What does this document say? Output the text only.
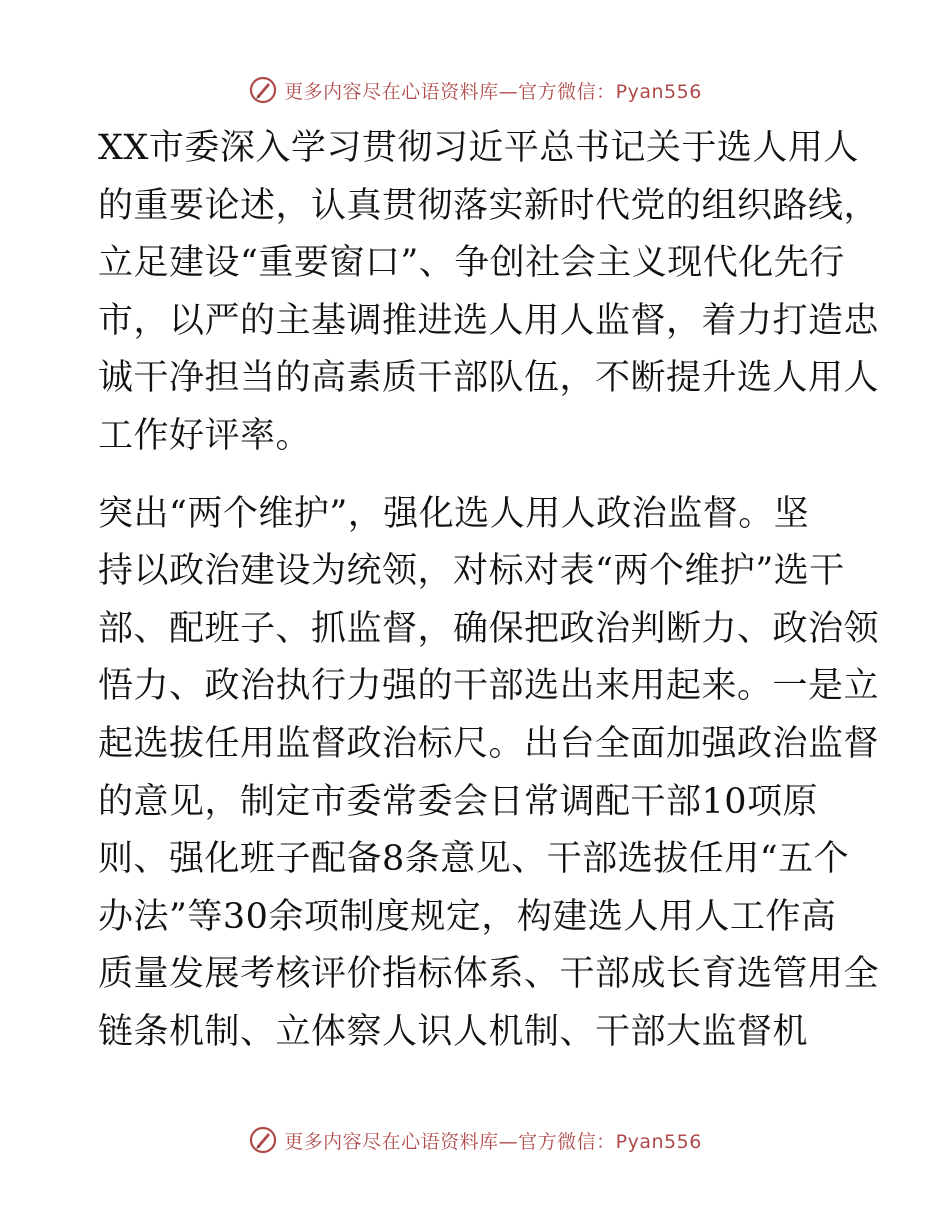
更多内容尽在心语资料库—官方微信：Pyan556

XX市委深入学习贯彻习近平总书记关于选人用人
的重要论述，认真贯彻落实新时代党的组织路线，
立足建设“重要窗口”、争创社会主义现代化先行
市，以严的主基调推进选人用人监督，着力打造忠
诚干净担当的高素质干部队伍，不断提升选人用人
工作好评率。

突出“两个维护”，强化选人用人政治监督。坚
持以政治建设为统领，对标对表“两个维护”选干
部、配班子、抓监督，确保把政治判断力、政治领
悟力、政治执行力强的干部选出来用起来。一是立
起选拔任用监督政治标尺。出台全面加强政治监督
的意见，制定市委常委会日常调配干部10项原
则、强化班子配备8条意见、干部选拔任用“五个
办法”等30余项制度规定，构建选人用人工作高
质量发展考核评价指标体系、干部成长育选管用全
链条机制、立体察人识人机制、干部大监督机

更多内容尽在心语资料库—官方微信：Pyan556
